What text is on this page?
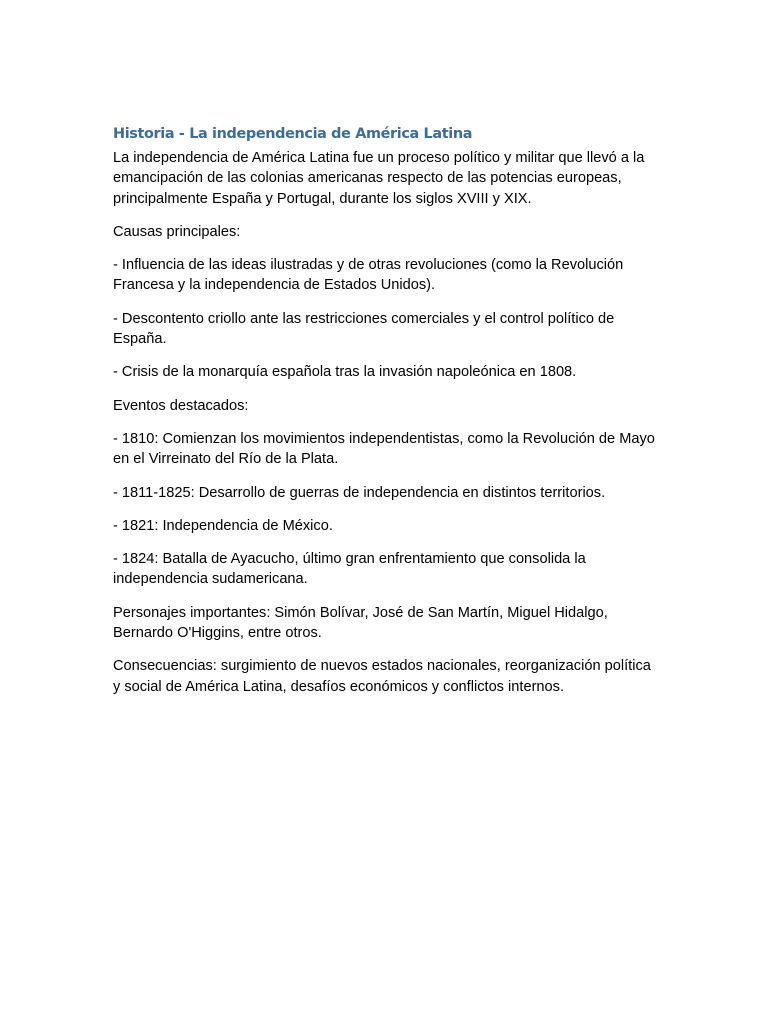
Historia - La independencia de América Latina

La independencia de América Latina fue un proceso político y militar que llevó a la emancipación de las colonias americanas respecto de las potencias europeas, principalmente España y Portugal, durante los siglos XVIII y XIX.

Causas principales:

- Influencia de las ideas ilustradas y de otras revoluciones (como la Revolución Francesa y la independencia de Estados Unidos).

- Descontento criollo ante las restricciones comerciales y el control político de España.

- Crisis de la monarquía española tras la invasión napoleónica en 1808.

Eventos destacados:

- 1810: Comienzan los movimientos independentistas, como la Revolución de Mayo en el Virreinato del Río de la Plata.

- 1811-1825: Desarrollo de guerras de independencia en distintos territorios.

- 1821: Independencia de México.

- 1824: Batalla de Ayacucho, último gran enfrentamiento que consolida la independencia sudamericana.

Personajes importantes: Simón Bolívar, José de San Martín, Miguel Hidalgo, Bernardo O'Higgins, entre otros.

Consecuencias: surgimiento de nuevos estados nacionales, reorganización política y social de América Latina, desafíos económicos y conflictos internos.
